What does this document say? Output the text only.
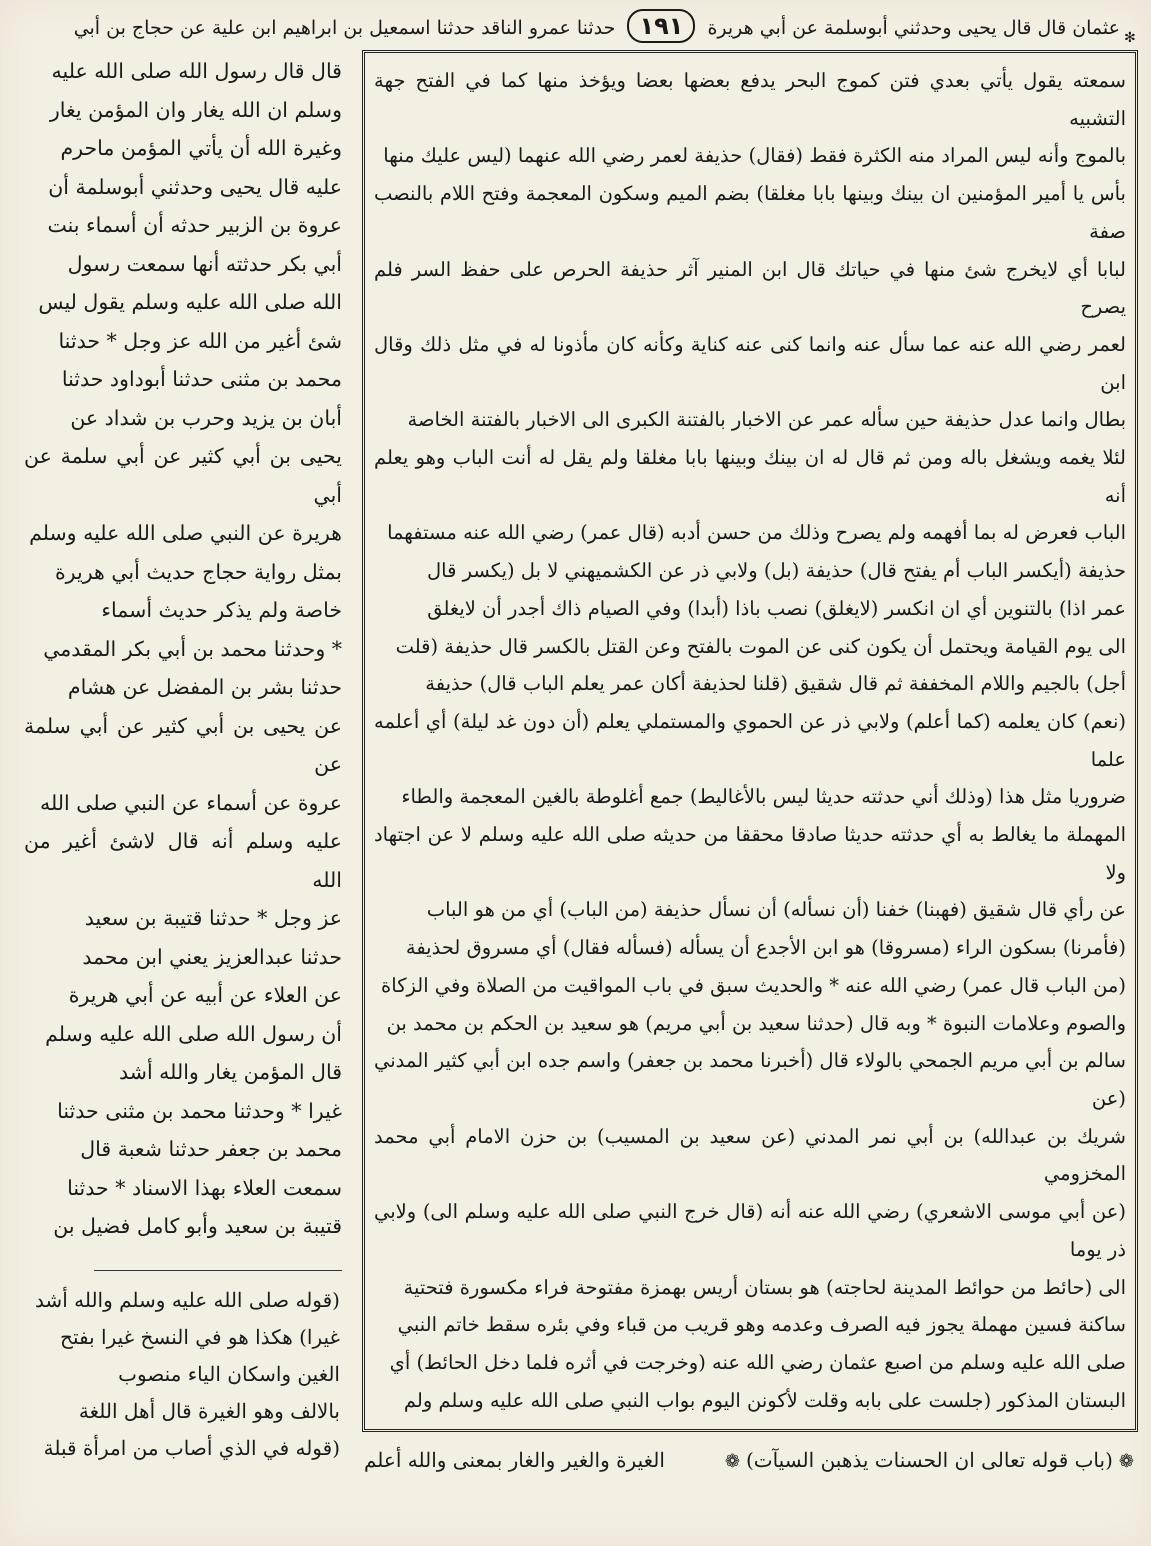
عثمان قال قال يحيى وحدثني أبوسلمة عن أبي هريرة ١٩١ حدثنا عمرو الناقد حدثنا اسمعيل بن ابراهيم ابن علية عن حجاج بن أبي	✻

قال قال رسول الله صلى الله عليه

وسلم ان الله يغار وان المؤمن يغار

وغيرة الله أن يأتي المؤمن ماحرم

عليه قال يحيى وحدثني أبوسلمة أن

عروة بن الزبير حدثه أن أسماء بنت

أبي بكر حدثته أنها سمعت رسول

الله صلى الله عليه وسلم يقول ليس

شئ أغير من الله عز وجل * حدثنا

محمد بن مثنى حدثنا أبوداود حدثنا

أبان بن يزيد وحرب بن شداد عن

يحيى بن أبي كثير عن أبي سلمة عن أبي

هريرة عن النبي صلى الله عليه وسلم

بمثل رواية حجاج حديث أبي هريرة

خاصة ولم يذكر حديث أسماء

* وحدثنا محمد بن أبي بكر المقدمي

حدثنا بشر بن المفضل عن هشام

عن يحيى بن أبي كثير عن أبي سلمة عن

عروة عن أسماء عن النبي صلى الله

عليه وسلم أنه قال لاشئ أغير من الله

عز وجل * حدثنا قتيبة بن سعيد

حدثنا عبدالعزيز يعني ابن محمد

عن العلاء عن أبيه عن أبي هريرة

أن رسول الله صلى الله عليه وسلم

قال المؤمن يغار والله أشد

غيرا * وحدثنا محمد بن مثنى حدثنا

محمد بن جعفر حدثنا شعبة قال

سمعت العلاء بهذا الاسناد * حدثنا

قتيبة بن سعيد وأبو كامل فضيل بن

(قوله صلى الله عليه وسلم والله أشد

غيرا) هكذا هو في النسخ غيرا بفتح

الغين واسكان الياء منصوب

بالالف وهو الغيرة قال أهل اللغة

(قوله في الذي أصاب من امرأة قبلة

سمعته يقول يأتي بعدي فتن كموج البحر يدفع بعضها بعضا ويؤخذ منها كما في الفتح جهة التشبيه

بالموج وأنه ليس المراد منه الكثرة فقط (فقال) حذيفة لعمر رضي الله عنهما (ليس عليك منها

بأس يا أمير المؤمنين ان بينك وبينها بابا مغلقا) بضم الميم وسكون المعجمة وفتح اللام بالنصب صفة

لبابا أي لايخرج شئ منها في حياتك قال ابن المنير آثر حذيفة الحرص على حفظ السر فلم يصرح

لعمر رضي الله عنه عما سأل عنه وانما كنى عنه كناية وكأنه كان مأذونا له في مثل ذلك وقال ابن

بطال وانما عدل حذيفة حين سأله عمر عن الاخبار بالفتنة الكبرى الى الاخبار بالفتنة الخاصة

لئلا يغمه ويشغل باله ومن ثم قال له ان بينك وبينها بابا مغلقا ولم يقل له أنت الباب وهو يعلم أنه

الباب فعرض له بما أفهمه ولم يصرح وذلك من حسن أدبه (قال عمر) رضي الله عنه مستفهما

حذيفة (أيكسر الباب أم يفتح قال) حذيفة (بل) ولابي ذر عن الكشميهني لا بل (يكسر قال

عمر اذا) بالتنوين أي ان انكسر (لايغلق) نصب باذا (أبدا) وفي الصيام ذاك أجدر أن لايغلق

الى يوم القيامة ويحتمل أن يكون كنى عن الموت بالفتح وعن القتل بالكسر قال حذيفة (قلت

أجل) بالجيم واللام المخففة ثم قال شقيق (قلنا لحذيفة أكان عمر يعلم الباب قال) حذيفة

(نعم) كان يعلمه (كما أعلم) ولابي ذر عن الحموي والمستملي يعلم (أن دون غد ليلة) أي أعلمه علما

ضروريا مثل هذا (وذلك أني حدثته حديثا ليس بالأغاليط) جمع أغلوطة بالغين المعجمة والطاء

المهملة ما يغالط به أي حدثته حديثا صادقا محققا من حديثه صلى الله عليه وسلم لا عن اجتهاد ولا

عن رأي قال شقيق (فهبنا) خفنا (أن نسأله) أن نسأل حذيفة (من الباب) أي من هو الباب

(فأمرنا) بسكون الراء (مسروقا) هو ابن الأجدع أن يسأله (فسأله فقال) أي مسروق لحذيفة

(من الباب قال عمر) رضي الله عنه * والحديث سبق في باب المواقيت من الصلاة وفي الزكاة

والصوم وعلامات النبوة * وبه قال (حدثنا سعيد بن أبي مريم) هو سعيد بن الحكم بن محمد بن

سالم بن أبي مريم الجمحي بالولاء قال (أخبرنا محمد بن جعفر) واسم جده ابن أبي كثير المدني (عن

شريك بن عبدالله) بن أبي نمر المدني (عن سعيد بن المسيب) بن حزن الامام أبي محمد المخزومي

(عن أبي موسى الاشعري) رضي الله عنه أنه (قال خرج النبي صلى الله عليه وسلم الى) ولابي ذر يوما

الى (حائط من حوائط المدينة لحاجته) هو بستان أريس بهمزة مفتوحة فراء مكسورة فتحتية

ساكنة فسين مهملة يجوز فيه الصرف وعدمه وهو قريب من قباء وفي بئره سقط خاتم النبي

صلى الله عليه وسلم من اصبع عثمان رضي الله عنه (وخرجت في أثره فلما دخل الحائط) أي

البستان المذكور (جلست على بابه وقلت لأكونن اليوم بواب النبي صلى الله عليه وسلم ولم

❁(باب قوله تعالى ان الحسنات يذهبن السيآت)❁
الغيرة والغير والغار بمعنى والله أعلم
